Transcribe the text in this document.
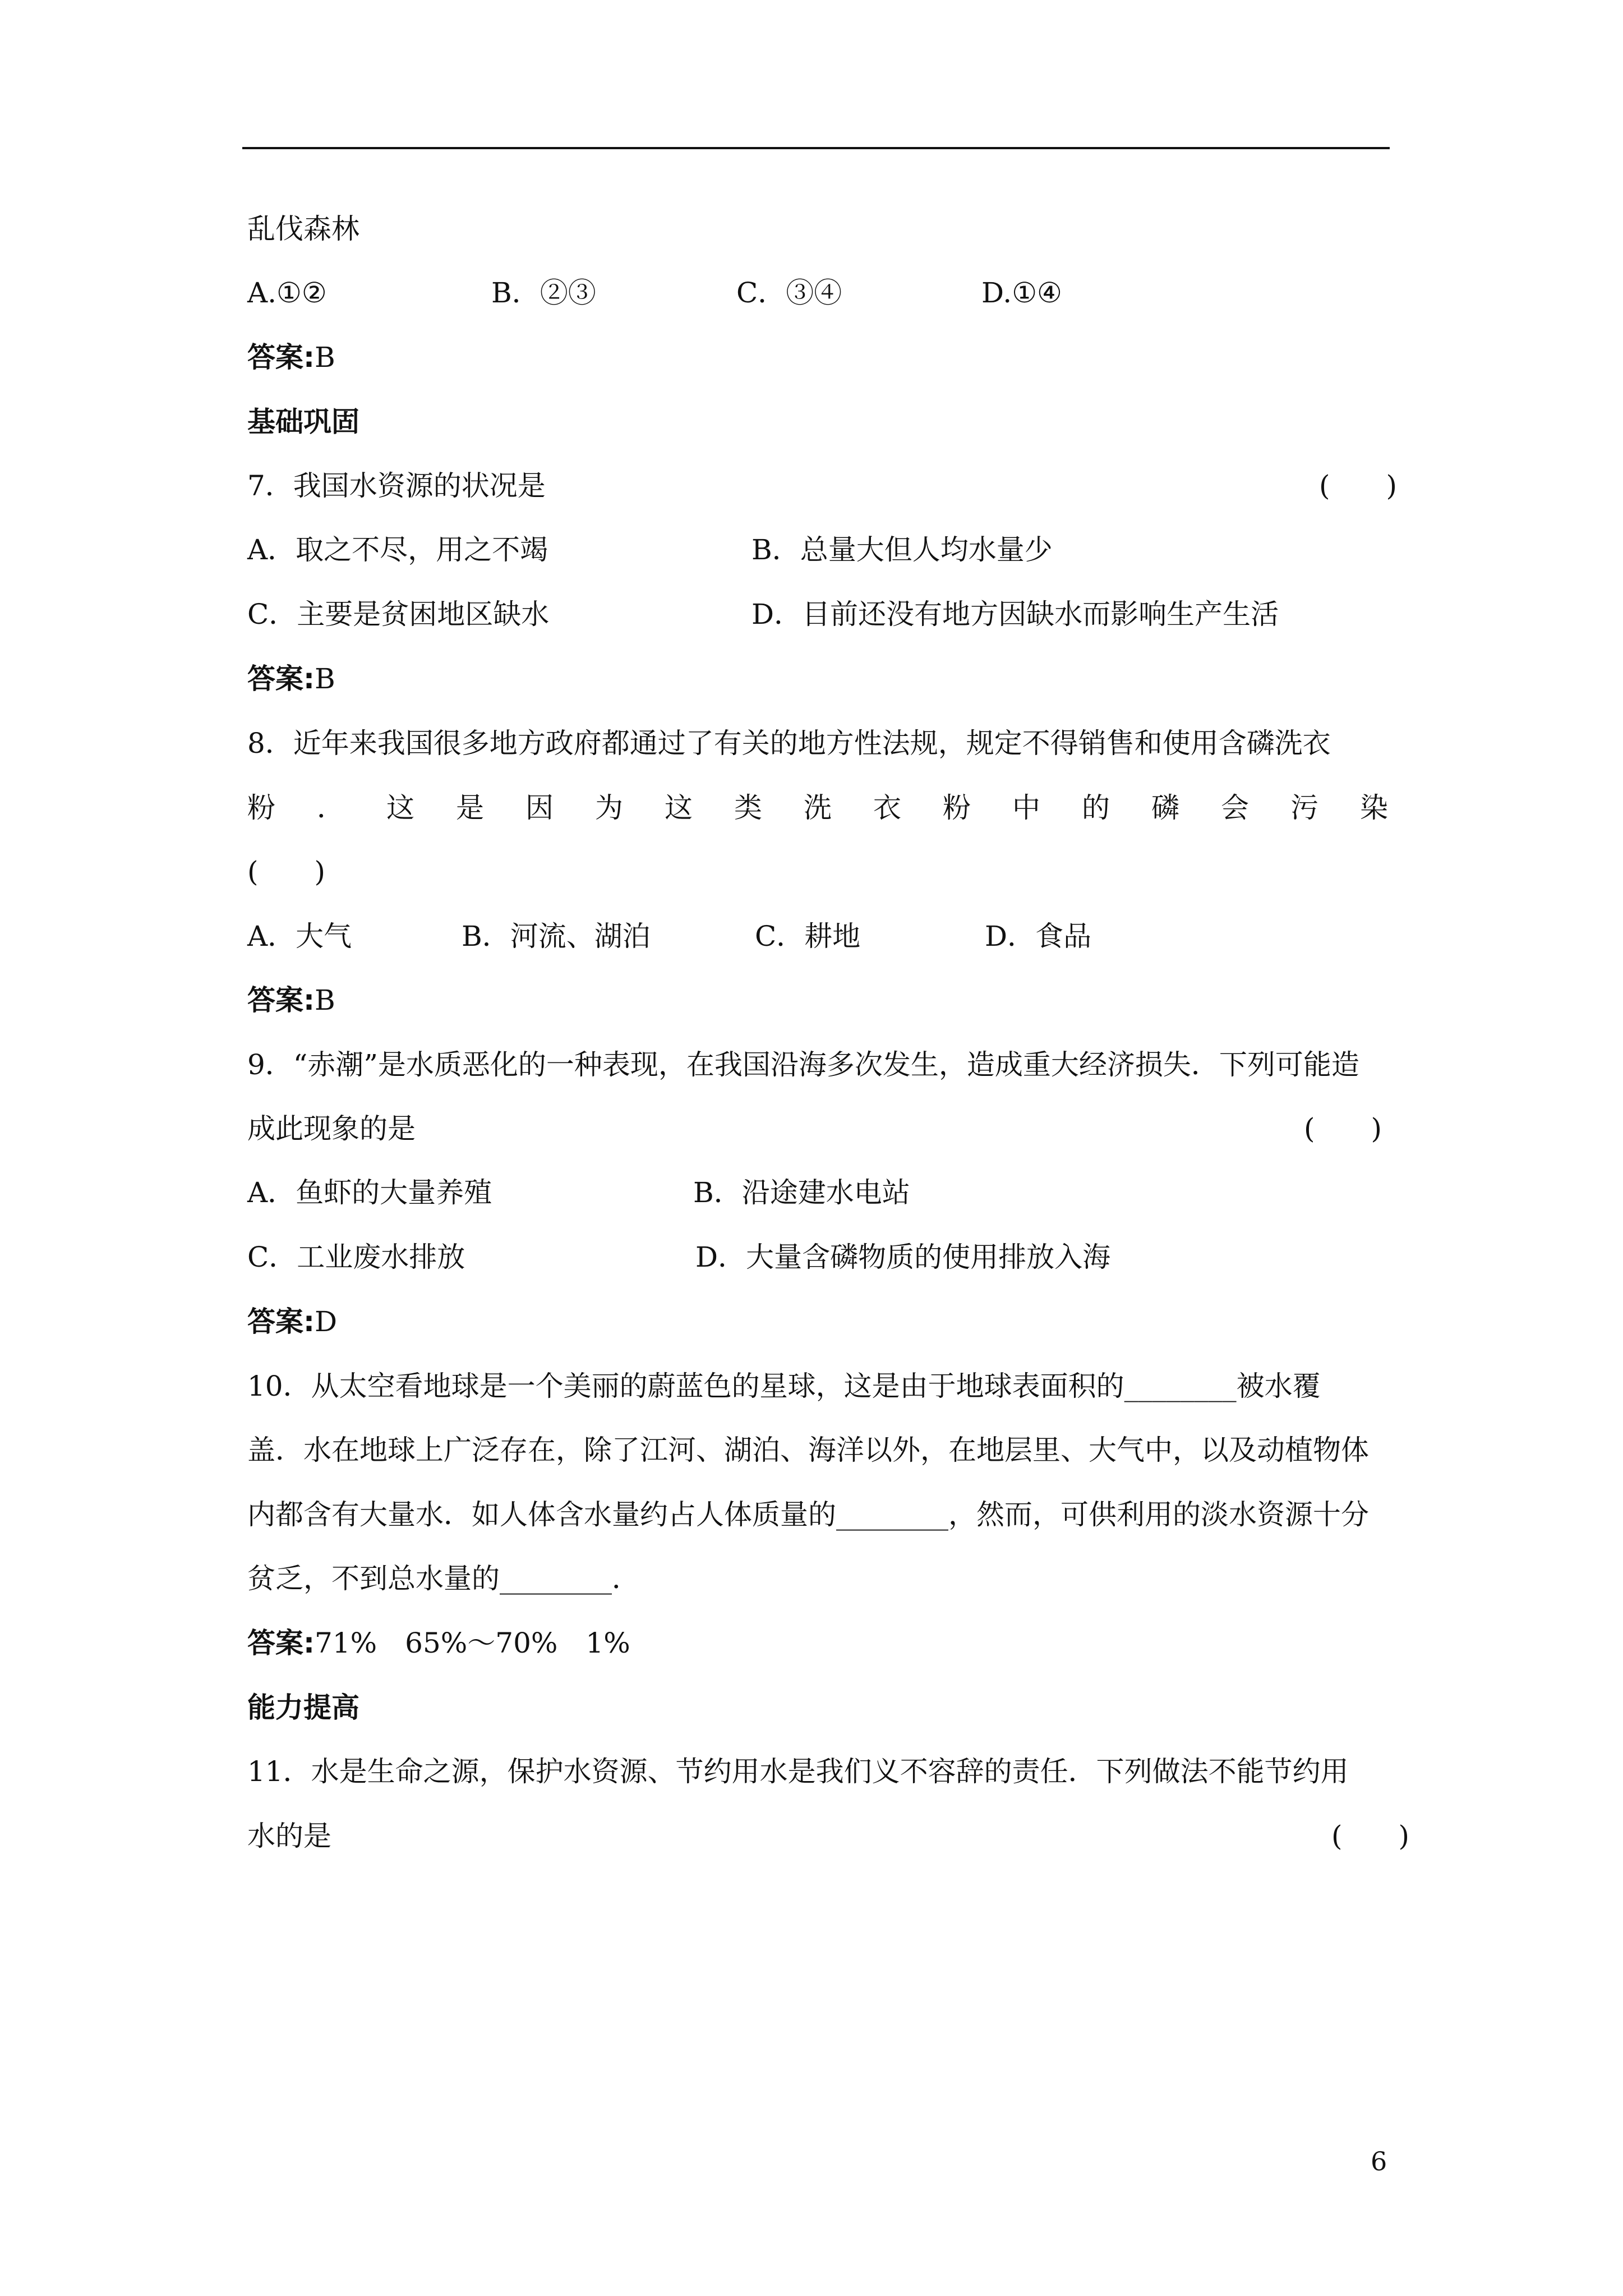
乱伐森林
A.①②	B．②③	C．③④	D.①④
答案:B
基础巩固
7．我国水资源的状况是	(　　)
A．取之不尽，用之不竭	B．总量大但人均水量少
C．主要是贫困地区缺水	D．目前还没有地方因缺水而影响生产生活
答案:B
8．近年来我国很多地方政府都通过了有关的地方性法规，规定不得销售和使用含磷洗衣
粉 ． 这 是 因 为 这 类 洗 衣 粉 中 的 磷 会 污 染
(　　)
A．大气	B．河流、湖泊	C．耕地	D．食品
答案:B
9．“赤潮”是水质恶化的一种表现，在我国沿海多次发生，造成重大经济损失．下列可能造
成此现象的是	(　　)
A．鱼虾的大量养殖	B．沿途建水电站
C．工业废水排放	D．大量含磷物质的使用排放入海
答案:D
10．从太空看地球是一个美丽的蔚蓝色的星球，这是由于地球表面积的________被水覆
盖．水在地球上广泛存在，除了江河、湖泊、海洋以外，在地层里、大气中，以及动植物体
内都含有大量水．如人体含水量约占人体质量的________，然而，可供利用的淡水资源十分
贫乏，不到总水量的________．
答案:71%　65%～70%　1%
能力提高
11．水是生命之源，保护水资源、节约用水是我们义不容辞的责任．下列做法不能节约用
水的是	(　　)
6
